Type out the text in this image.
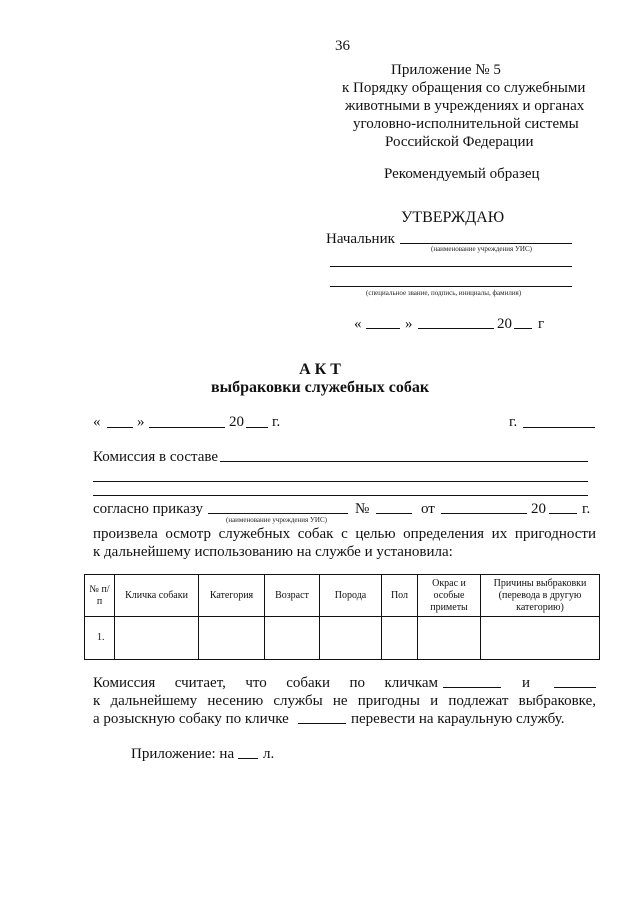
36
Приложение № 5
к Порядку обращения со служебными
животными в учреждениях и органах
уголовно-исполнительной системы
Российской Федерации
Рекомендуемый образец
УТВЕРЖДАЮ
Начальник
(наименование учреждения УИС)
(специальное звание, подпись, инициалы, фамилия)
«	»	20 г
А К Т
выбраковки служебных собак
« »	20 г.	г.
Комиссия в составе
согласно приказу	№	от	20 г.
(наименование учреждения УИС)
произвела осмотр служебных собак с целью определения их пригодности
к дальнейшему использованию на службе и установила:
№ п/п	Кличка собаки	Категория	Возраст	Порода	Пол	Окрас и особые приметы	Причины выбраковки (перевода в другую категорию)
1.							
Комиссия считает, что собаки по кличкам	и
к дальнейшему несению службы не пригодны и подлежат выбраковке,
а розыскную собаку по кличке	перевести на караульную службу.
Приложение: на л.
